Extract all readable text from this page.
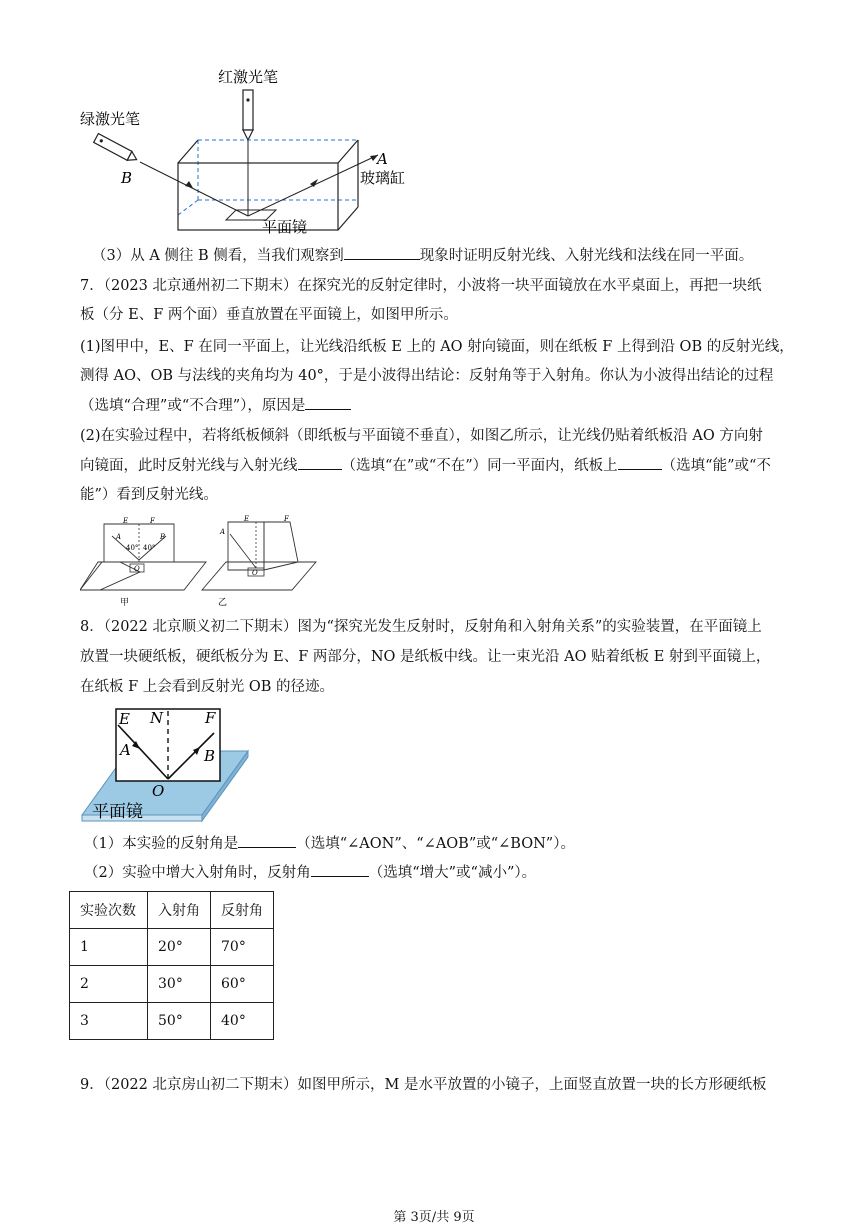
红激光笔
绿激光笔
B
A
玻璃缸
平面镜
（3）从 A 侧往 B 侧看，当我们观察到	现象时证明反射光线、入射光线和法线在同一平面。
7．（2023 北京通州初二下期末）在探究光的反射定律时，小波将一块平面镜放在水平桌面上，再把一块纸
板（分 E、F 两个面）垂直放置在平面镜上，如图甲所示。
(1)图甲中，E、F 在同一平面上，让光线沿纸板 E 上的 AO 射向镜面，则在纸板 F 上得到沿 OB 的反射光线，
测得 AO、OB 与法线的夹角均为 40°，于是小波得出结论：反射角等于入射角。你认为小波得出结论的过程
（选填“合理”或“不合理”），原因是
(2)在实验过程中，若将纸板倾斜（即纸板与平面镜不垂直），如图乙所示，让光线仍贴着纸板沿 AO 方向射
向镜面，此时反射光线与入射光线	（选填“在”或“不在”）同一平面内，纸板上	（选填“能”或“不
能”）看到反射光线。
E	F
A	B
40° 40°
O
甲
E	F
A
O
乙
8．（2022 北京顺义初二下期末）图为“探究光发生反射时，反射角和入射角关系”的实验装置，在平面镜上
放置一块硬纸板，硬纸板分为 E、F 两部分，NO 是纸板中线。让一束光沿 AO 贴着纸板 E 射到平面镜上，
在纸板 F 上会看到反射光 OB 的径迹。
E N	F
A	B
O
平面镜
（1）本实验的反射角是	（选填“∠AON”、“∠AOB”或“∠BON”）。
（2）实验中增大入射角时，反射角	（选填“增大”或“减小”）。
实验次数	入射角	反射角
1	20°	70°
2	30°	60°
3	50°	40°
9．（2022 北京房山初二下期末）如图甲所示，M 是水平放置的小镜子，上面竖直放置一块的长方形硬纸板
第 3页/共 9页
